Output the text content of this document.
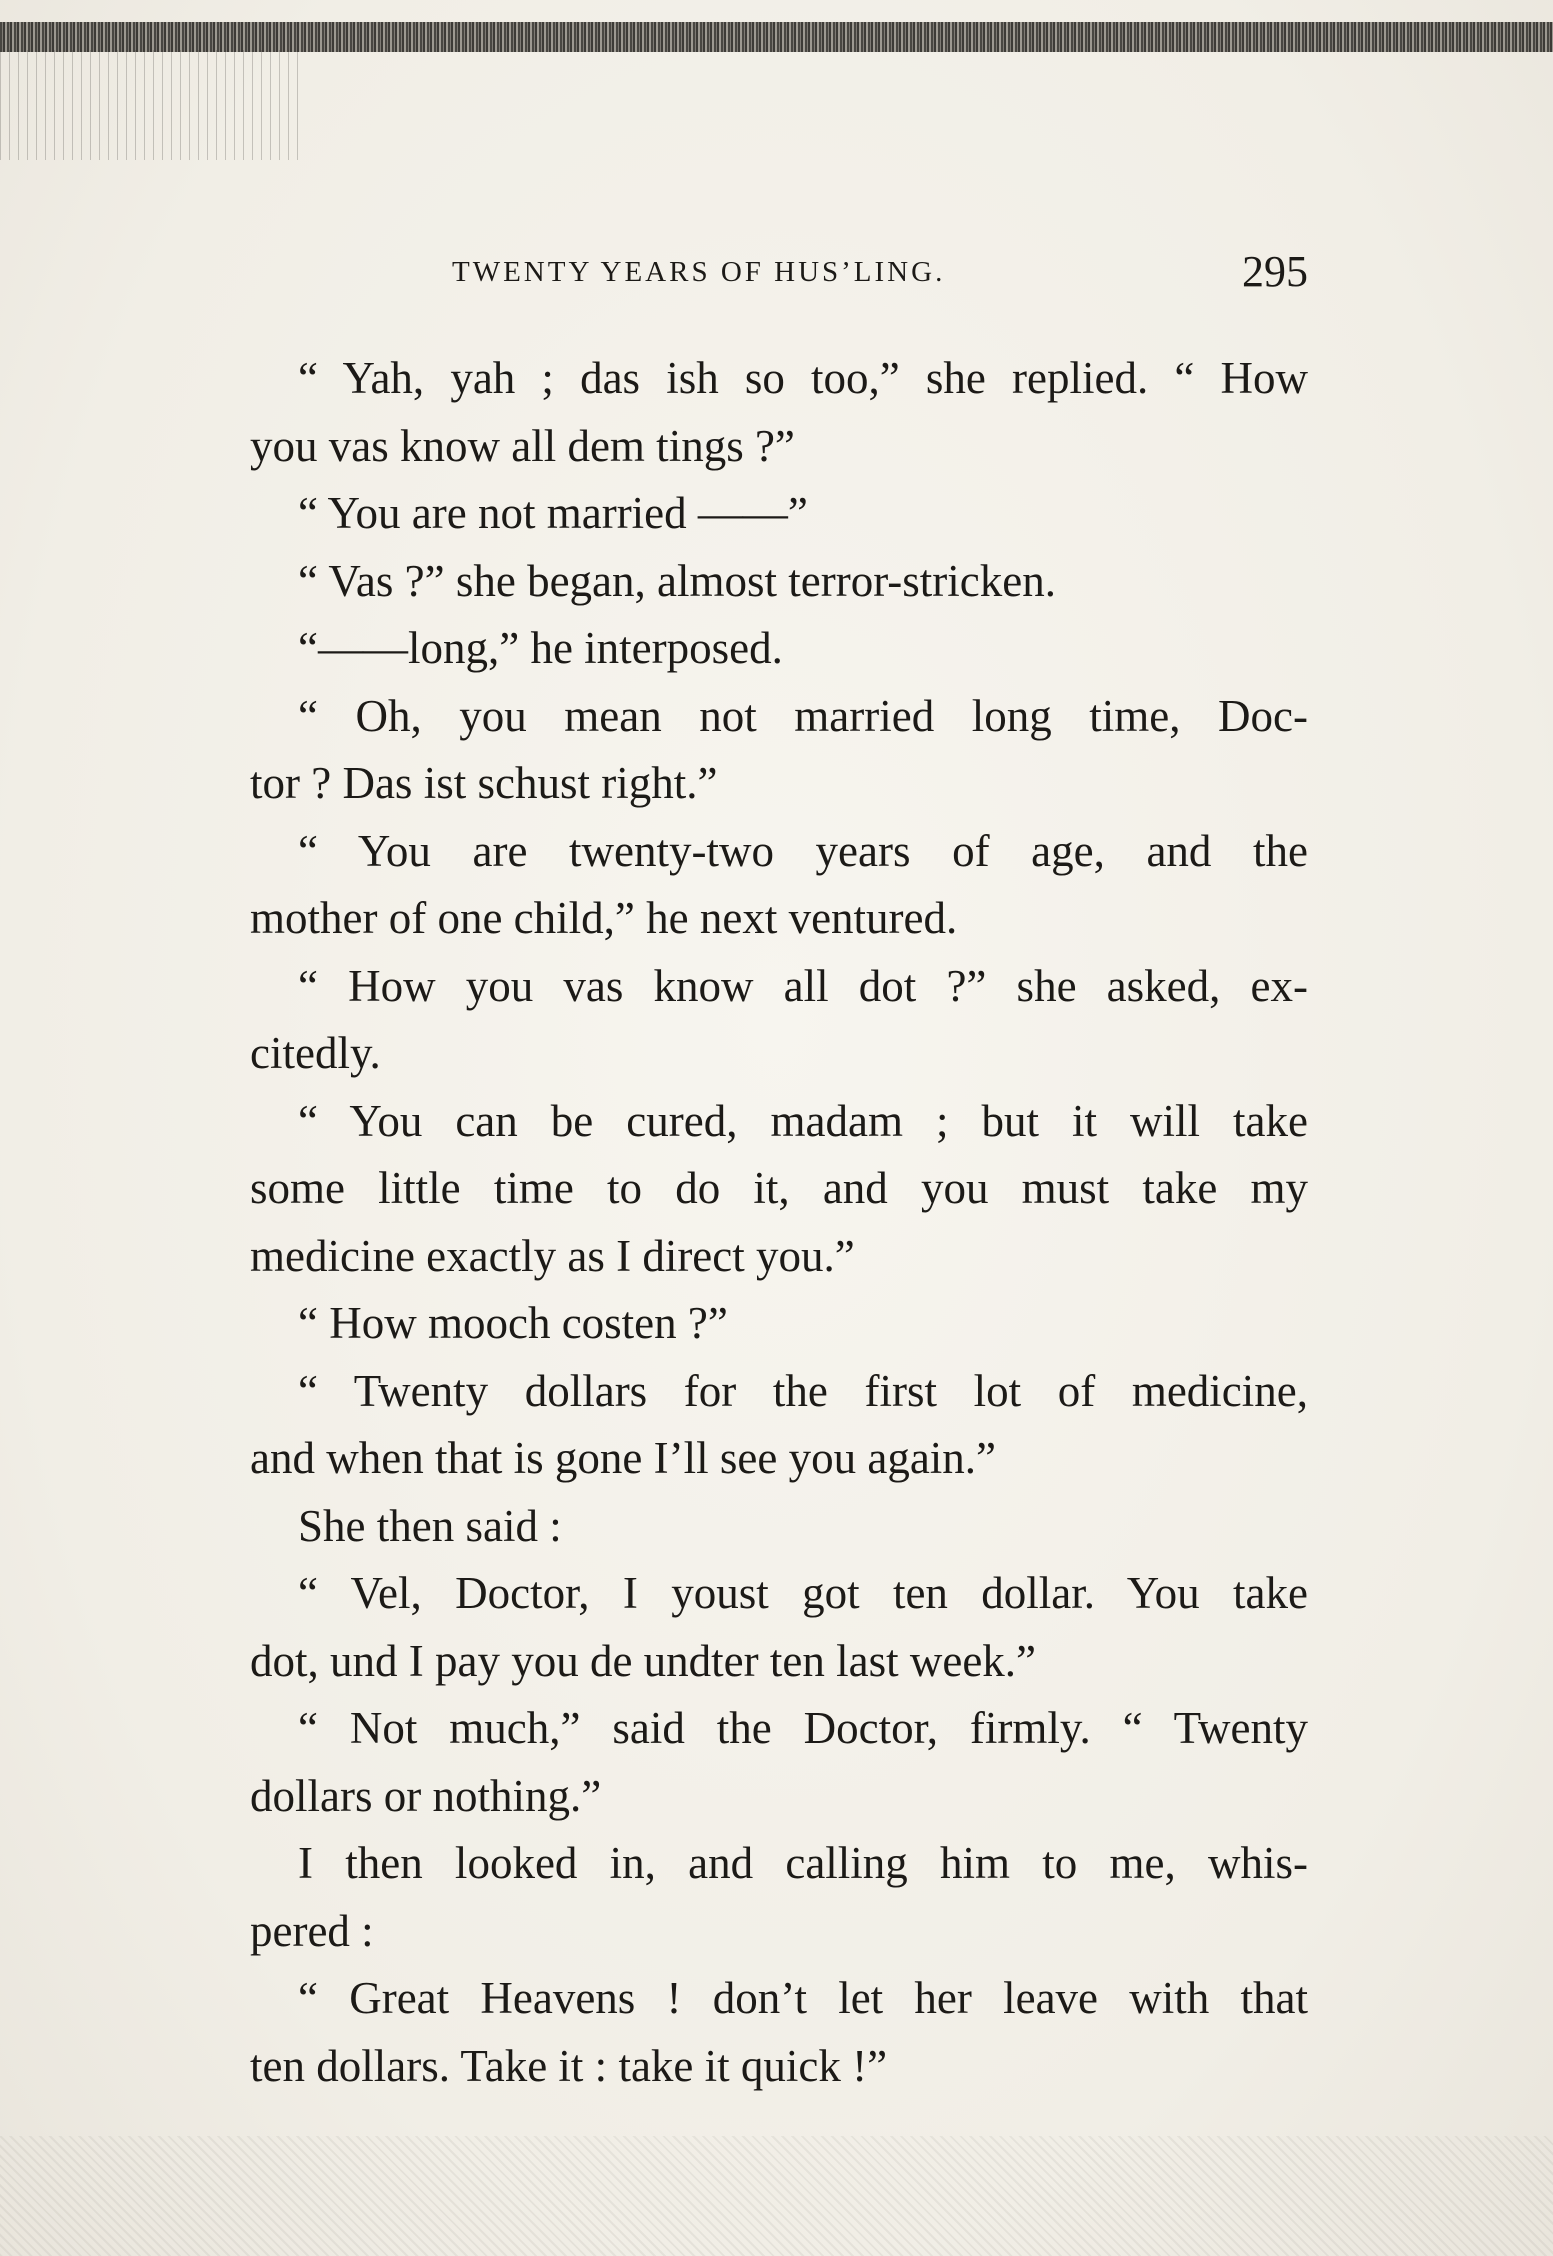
TWENTY YEARS OF HUS’LING.	295
“ Yah, yah ; das ish so too,” she replied. “ How
you vas know all dem tings ?”
“ You are not married ——”
“ Vas ?” she began, almost terror-stricken.
“——long,” he interposed.
“ Oh, you mean not married long time, Doc-
tor ? Das ist schust right.”
“ You are twenty-two years of age, and the
mother of one child,” he next ventured.
“ How you vas know all dot ?” she asked, ex-
citedly.
“ You can be cured, madam ; but it will take
some little time to do it, and you must take my
medicine exactly as I direct you.”
“ How mooch costen ?”
“ Twenty dollars for the first lot of medicine,
and when that is gone I’ll see you again.”
She then said :
“ Vel, Doctor, I youst got ten dollar. You take
dot, und I pay you de undter ten last week.”
“ Not much,” said the Doctor, firmly. “ Twenty
dollars or nothing.”
I then looked in, and calling him to me, whis-
pered :
“ Great Heavens ! don’t let her leave with that
ten dollars. Take it : take it quick !”
